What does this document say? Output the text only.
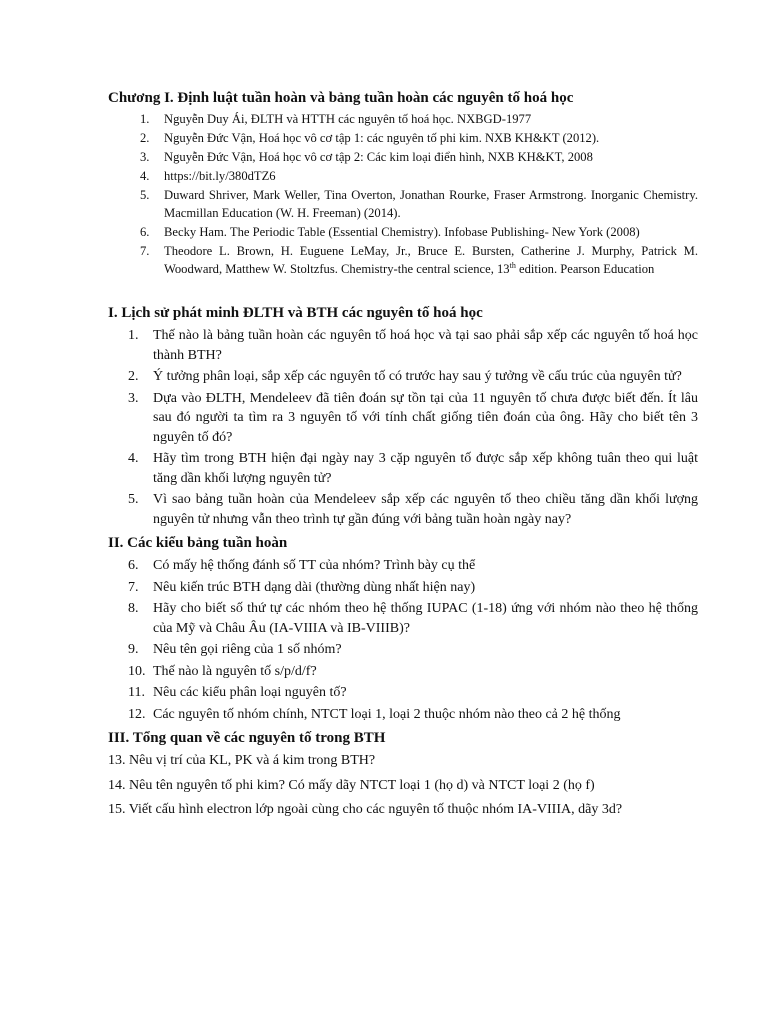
Chương I. Định luật tuần hoàn và bảng tuần hoàn các nguyên tố hoá học
1. Nguyễn Duy Ái, ĐLTH và HTTH các nguyên tố hoá học. NXBGD-1977
2. Nguyễn Đức Vận, Hoá học vô cơ tập 1: các nguyên tố phi kim. NXB KH&KT (2012).
3. Nguyễn Đức Vận, Hoá học vô cơ tập 2: Các kim loại điển hình, NXB KH&KT, 2008
4. https://bit.ly/380dTZ6
5. Duward Shriver, Mark Weller, Tina Overton, Jonathan Rourke, Fraser Armstrong. Inorganic Chemistry. Macmillan Education (W. H. Freeman) (2014).
6. Becky Ham. The Periodic Table (Essential Chemistry). Infobase Publishing- New York (2008)
7. Theodore L. Brown, H. Euguene LeMay, Jr., Bruce E. Bursten, Catherine J. Murphy, Patrick M. Woodward, Matthew W. Stoltzfus. Chemistry-the central science, 13th edition. Pearson Education
I. Lịch sử phát minh ĐLTH và BTH các nguyên tố hoá học
1. Thế nào là bảng tuần hoàn các nguyên tố hoá học và tại sao phải sắp xếp các nguyên tố hoá học thành BTH?
2. Ý tưởng phân loại, sắp xếp các nguyên tố có trước hay sau ý tưởng về cấu trúc của nguyên tử?
3. Dựa vào ĐLTH, Mendeleev đã tiên đoán sự tồn tại của 11 nguyên tố chưa được biết đến. Ít lâu sau đó người ta tìm ra 3 nguyên tố với tính chất giống tiên đoán của ông. Hãy cho biết tên 3 nguyên tố đó?
4. Hãy tìm trong BTH hiện đại ngày nay 3 cặp nguyên tố được sắp xếp không tuân theo qui luật tăng dần khối lượng nguyên tử?
5. Vì sao bảng tuần hoàn của Mendeleev sắp xếp các nguyên tố theo chiều tăng dần khối lượng nguyên tử nhưng vẫn theo trình tự gần đúng với bảng tuần hoàn ngày nay?
II. Các kiểu bảng tuần hoàn
6. Có mấy hệ thống đánh số TT của nhóm? Trình bày cụ thể
7. Nêu kiến trúc BTH dạng dài (thường dùng nhất hiện nay)
8. Hãy cho biết số thứ tự các nhóm theo hệ thống IUPAC (1-18) ứng với nhóm nào theo hệ thống của Mỹ và Châu Âu (IA-VIIIA và IB-VIIIB)?
9. Nêu tên gọi riêng của 1 số nhóm?
10. Thế nào là nguyên tố s/p/d/f?
11. Nêu các kiểu phân loại nguyên tố?
12. Các nguyên tố nhóm chính, NTCT loại 1, loại 2 thuộc nhóm nào theo cả 2 hệ thống
III. Tổng quan về các nguyên tố trong BTH
13. Nêu vị trí của KL, PK và á kim trong BTH?
14. Nêu tên nguyên tố phi kim? Có mấy dãy NTCT loại 1 (họ d) và NTCT loại 2 (họ f)
15. Viết cấu hình electron lớp ngoài cùng cho các nguyên tố thuộc nhóm IA-VIIIA, dãy 3d?
